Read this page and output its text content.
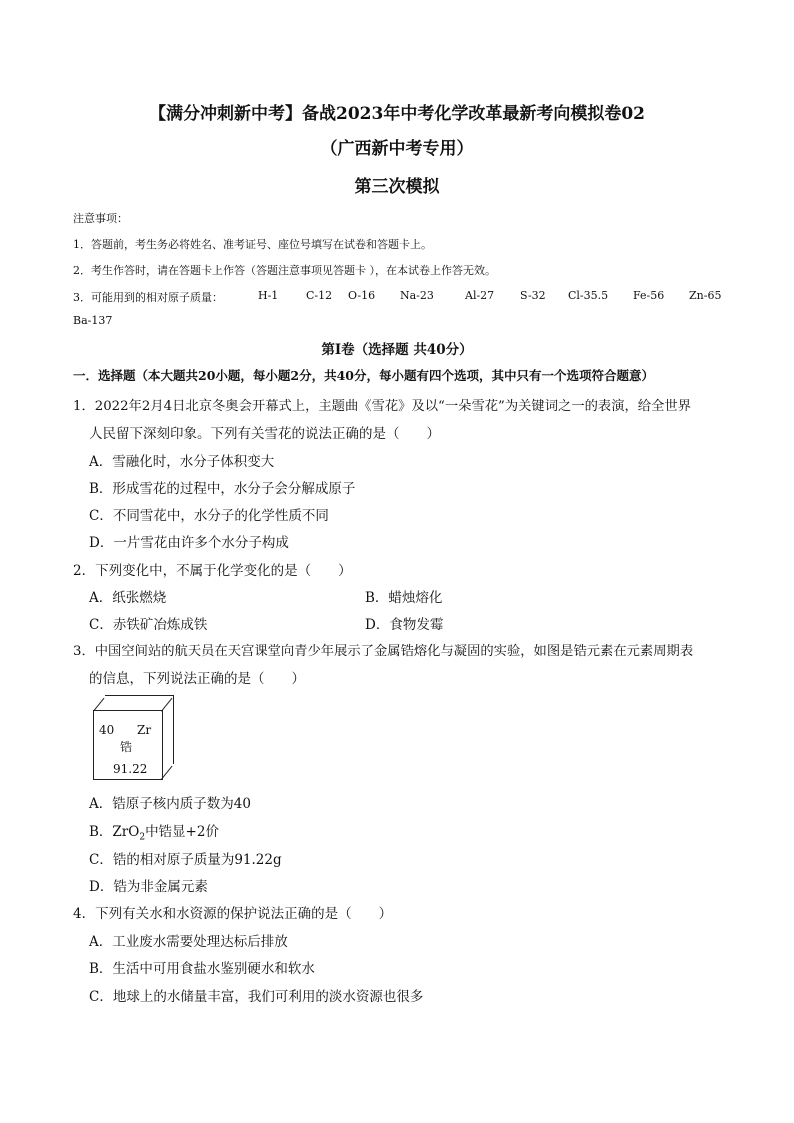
【满分冲刺新中考】备战2023年中考化学改革最新考向模拟卷02
（广西新中考专用）
第三次模拟
注意事项：
1．答题前，考生务必将姓名、准考证号、座位号填写在试卷和答题卡上。
2．考生作答时，请在答题卡上作答（答题注意事项见答题卡 ），在本试卷上作答无效。
3．可能用到的相对原子质量：	H-1	C-12 O-16 Na-23	Al-27 S-32 Cl-35.5 Fe-56 Zn-65
Ba-137
第Ⅰ卷（选择题 共40分）
一．选择题（本大题共20小题，每小题2分，共40分，每小题有四个选项，其中只有一个选项符合题意）
1．2022年2月4日北京冬奥会开幕式上，主题曲《雪花》及以“一朵雪花”为关键词之一的表演，给全世界
人民留下深刻印象。下列有关雪花的说法正确的是（　　）
A．雪融化时，水分子体积变大
B．形成雪花的过程中，水分子会分解成原子
C．不同雪花中，水分子的化学性质不同
D．一片雪花由许多个水分子构成
2．下列变化中，不属于化学变化的是（　　）
A．纸张燃烧	B．蜡烛熔化
C．赤铁矿冶炼成铁	D．食物发霉
3．中国空间站的航天员在天宫课堂向青少年展示了金属锆熔化与凝固的实验，如图是锆元素在元素周期表
的信息，下列说法正确的是（　　）
40 Zr
锆
91.22
A．锆原子核内质子数为40
B．ZrO$_2$中锆显+2价
C．锆的相对原子质量为91.22g
D．锆为非金属元素
4．下列有关水和水资源的保护说法正确的是（　　）
A．工业废水需要处理达标后排放
B．生活中可用食盐水鉴别硬水和软水
C．地球上的水储量丰富，我们可利用的淡水资源也很多
